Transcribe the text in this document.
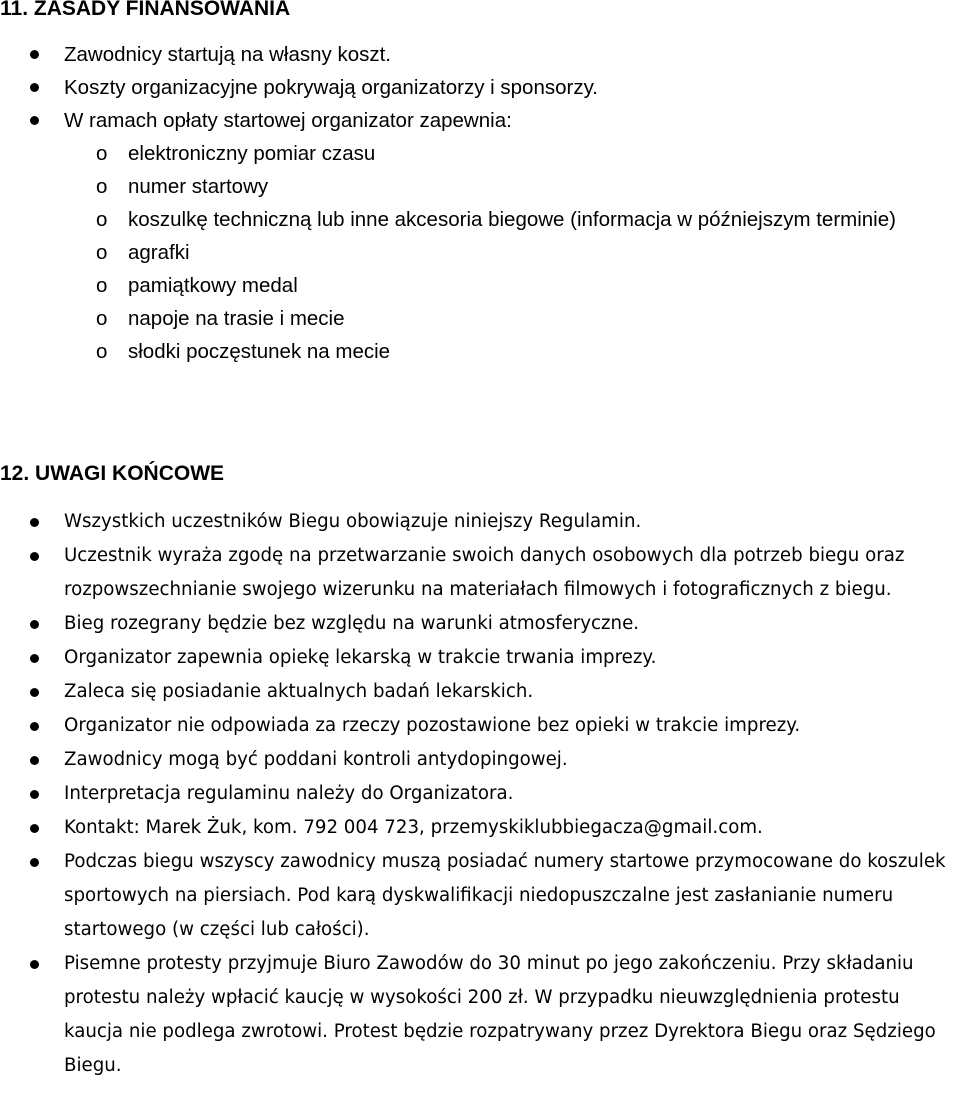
11. ZASADY FINANSOWANIA
Zawodnicy startują na własny koszt.
Koszty organizacyjne pokrywają organizatorzy i sponsorzy.
W ramach opłaty startowej organizator zapewnia:
o elektroniczny pomiar czasu
o numer startowy
o koszulkę techniczną lub inne akcesoria biegowe (informacja w późniejszym terminie)
o agrafki
o pamiątkowy medal
o napoje na trasie i mecie
o słodki poczęstunek na mecie
12. UWAGI KOŃCOWE
Wszystkich uczestników Biegu obowiązuje niniejszy Regulamin.
Uczestnik wyraża zgodę na przetwarzanie swoich danych osobowych dla potrzeb biegu oraz rozpowszechnianie swojego wizerunku na materiałach filmowych i fotograficznych z biegu.
Bieg rozegrany będzie bez względu na warunki atmosferyczne.
Organizator zapewnia opiekę lekarską w trakcie trwania imprezy.
Zaleca się posiadanie aktualnych badań lekarskich.
Organizator nie odpowiada za rzeczy pozostawione bez opieki w trakcie imprezy.
Zawodnicy mogą być poddani kontroli antydopingowej.
Interpretacja regulaminu należy do Organizatora.
Kontakt: Marek Żuk, kom. 792 004 723, przemyskiklubbiegacza@gmail.com.
Podczas biegu wszyscy zawodnicy muszą posiadać numery startowe przymocowane do koszulek sportowych na piersiach. Pod karą dyskwalifikacji niedopuszczalne jest zasłanianie numeru startowego (w części lub całości).
Pisemne protesty przyjmuje Biuro Zawodów do 30 minut po jego zakończeniu. Przy składaniu protestu należy wpłacić kaucję w wysokości 200 zł. W przypadku nieuwzględnienia protestu kaucja nie podlega zwrotowi. Protest będzie rozpatrywany przez Dyrektora Biegu oraz Sędziego Biegu.
